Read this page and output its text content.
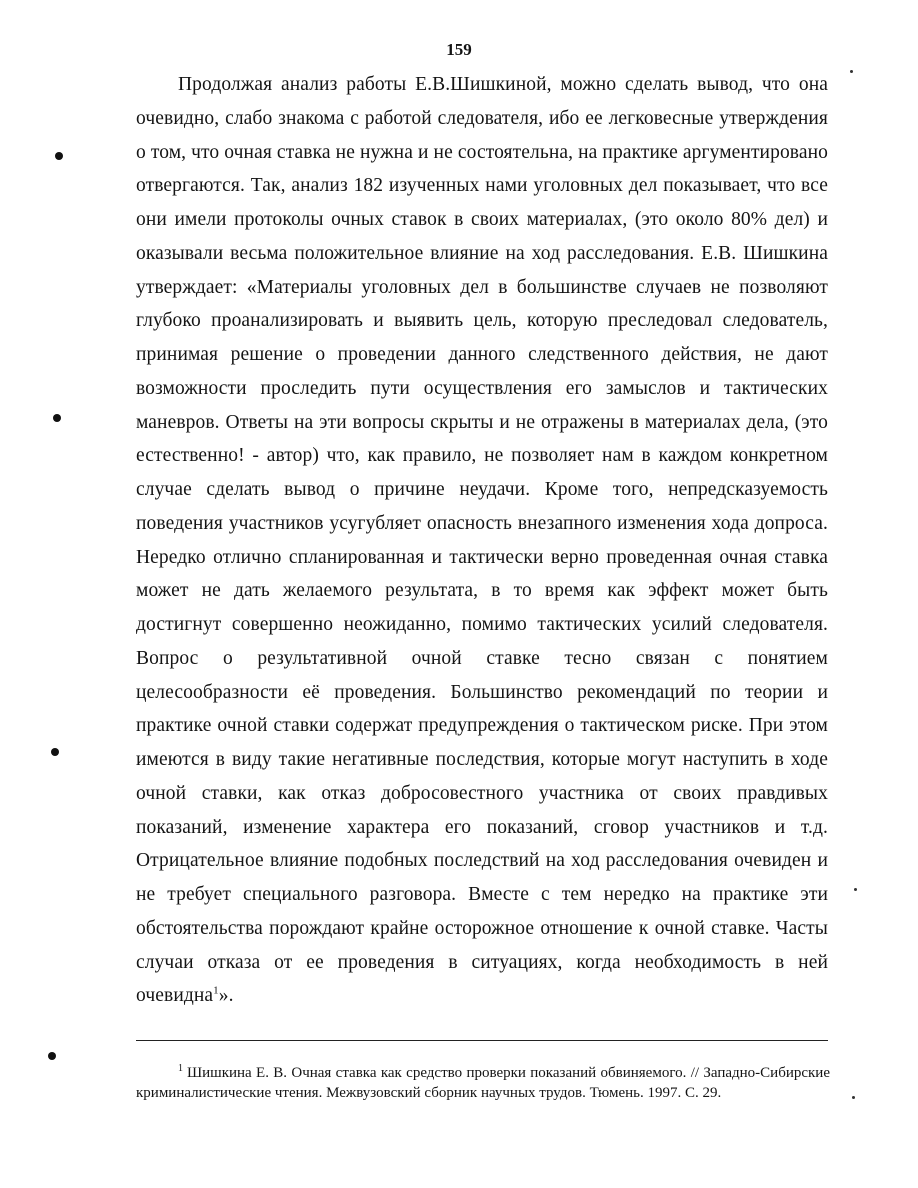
159

Продолжая анализ работы Е.В.Шишкиной, можно сделать вывод, что она очевидно, слабо знакома с работой следователя, ибо ее легковесные утверждения о том, что очная ставка не нужна и не состоятельна, на практике аргументировано отвергаются. Так, анализ 182 изученных нами уголовных дел показывает, что все они имели протоколы очных ставок в своих материалах, (это около 80% дел) и оказывали весьма положительное влияние на ход расследования. Е.В. Шишкина утверждает: «Материалы уголовных дел в большинстве случаев не позволяют глубоко проанализировать и выявить цель, которую преследовал следователь, принимая решение о проведении данного следственного действия, не дают возможности проследить пути осуществления его замыслов и тактических маневров. Ответы на эти вопросы скрыты и не отражены в материалах дела, (это естественно! - автор) что, как правило, не позволяет нам в каждом конкретном случае сделать вывод о причине неудачи. Кроме того, непредсказуемость поведения участников усугубляет опасность внезапного изменения хода допроса. Нередко отлично спланированная и тактически верно проведенная очная ставка может не дать желаемого результата, в то время как эффект может быть достигнут совершенно неожиданно, помимо тактических усилий следователя. Вопрос о результативной очной ставке тесно связан с понятием целесообразности её проведения. Большинство рекомендаций по теории и практике очной ставки содержат предупреждения о тактическом риске. При этом имеются в виду такие негативные последствия, которые могут наступить в ходе очной ставки, как отказ добросовестного участника от своих правдивых показаний, изменение характера его показаний, сговор участников и т.д. Отрицательное влияние подобных последствий на ход расследования очевиден и не требует специального разговора. Вместе с тем нередко на практике эти обстоятельства порождают крайне осторожное отношение к очной ставке. Часты случаи отказа от ее проведения в ситуациях, когда необходимость в ней очевидна$^1$».

$^1$ Шишкина Е. В. Очная ставка как средство проверки показаний обвиняемого. // Западно-Сибирские криминалистические чтения. Межвузовский сборник научных трудов. Тюмень. 1997. С. 29.
